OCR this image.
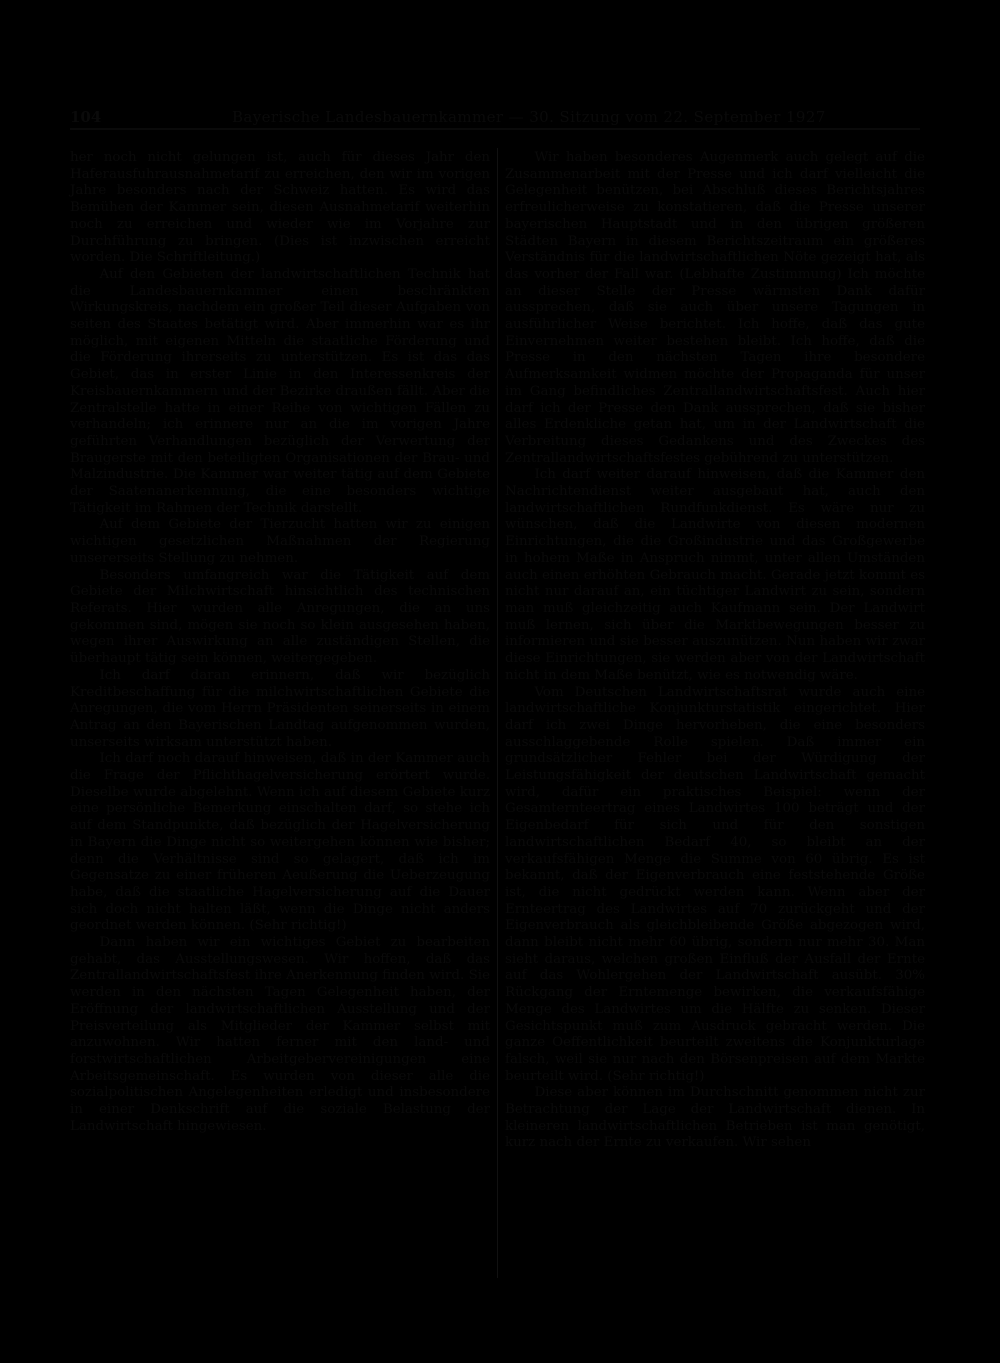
104	Bayerische Landesbauernkammer — 30. Sitzung vom 22. September 1927

her noch nicht gelungen ist, auch für dieses Jahr den Haferausfuhrausnahmetarif zu erreichen, den wir im vorigen Jahre besonders nach der Schweiz hatten. Es wird das Bemühen der Kammer sein, diesen Ausnahmetarif weiterhin noch zu erreichen und wieder wie im Vorjahre zur Durchführung zu bringen. (Dies ist inzwischen erreicht worden. Die Schriftleitung.)

Auf den Gebieten der landwirtschaftlichen Technik hat die Landesbauernkammer einen beschränkten Wirkungskreis, nachdem ein großer Teil dieser Aufgaben von seiten des Staates betätigt wird. Aber immerhin war es ihr möglich, mit eigenen Mitteln die staatliche Förderung und die Förderung ihrerseits zu unterstützen. Es ist das das Gebiet, das in erster Linie in den Interessenkreis der Kreisbauernkammern und der Bezirke draußen fällt. Aber die Zentralstelle hatte in einer Reihe von wichtigen Fällen zu verhandeln; ich erinnere nur an die im vorigen Jahre geführten Verhandlungen bezüglich der Verwertung der Braugerste mit den beteiligten Organisationen der Brau- und Malzindustrie. Die Kammer war weiter tätig auf dem Gebiete der Saatenanerkennung, die eine besonders wichtige Tätigkeit im Rahmen der Technik darstellt.

Auf dem Gebiete der Tierzucht hatten wir zu einigen wichtigen gesetzlichen Maßnahmen der Regierung unsererseits Stellung zu nehmen.

Besonders umfangreich war die Tätigkeit auf dem Gebiete der Milchwirtschaft hinsichtlich des technischen Referats. Hier wurden alle Anregungen, die an uns gekommen sind, mögen sie noch so klein ausgesehen haben, wegen ihrer Auswirkung an alle zuständigen Stellen, die überhaupt tätig sein können, weitergegeben.

Ich darf daran erinnern, daß wir bezüglich Kreditbeschaffung für die milchwirtschaftlichen Gebiete die Anregungen, die vom Herrn Präsidenten seinerseits in einem Antrag an den Bayerischen Landtag aufgenommen wurden, unserseits wirksam unterstützt haben.

Ich darf noch darauf hinweisen, daß in der Kammer auch die Frage der Pflichthagelversicherung erörtert wurde. Dieselbe wurde abgelehnt. Wenn ich auf diesem Gebiete kurz eine persönliche Bemerkung einschalten darf, so stehe ich auf dem Standpunkte, daß bezüglich der Hagelversicherung in Bayern die Dinge nicht so weitergehen können wie bisher; denn die Verhältnisse sind so gelagert, daß ich im Gegensatze zu einer früheren Aeußerung die Ueberzeugung habe, daß die staatliche Hagelversicherung auf die Dauer sich doch nicht halten läßt, wenn die Dinge nicht anders geordnet werden können. (Sehr richtig!)

Dann haben wir ein wichtiges Gebiet zu bearbeiten gehabt, das Ausstellungswesen. Wir hoffen, daß das Zentrallandwirtschaftsfest ihre Anerkennung finden wird. Sie werden in den nächsten Tagen Gelegenheit haben, der Eröffnung der landwirtschaftlichen Ausstellung und der Preisverteilung als Mitglieder der Kammer selbst mit anzuwohnen. Wir hatten ferner mit den land- und forstwirtschaftlichen Arbeitgebervereinigungen eine Arbeitsgemeinschaft. Es wurden von dieser alle die sozialpolitischen Angelegenheiten erledigt und insbesondere in einer Denkschrift auf die soziale Belastung der Landwirtschaft hingewiesen.

Wir haben besonderes Augenmerk auch gelegt auf die Zusammenarbeit mit der Presse und ich darf vielleicht die Gelegenheit benützen, bei Abschluß dieses Berichtsjahres erfreulicherweise zu konstatieren, daß die Presse unserer bayerischen Hauptstadt und in den übrigen größeren Städten Bayern in diesem Berichtszeitraum ein größeres Verständnis für die landwirtschaftlichen Nöte gezeigt hat, als das vorher der Fall war. (Lebhafte Zustimmung) Ich möchte an dieser Stelle der Presse wärmsten Dank dafür aussprechen, daß sie auch über unsere Tagungen in ausführlicher Weise berichtet. Ich hoffe, daß das gute Einvernehmen weiter bestehen bleibt. Ich hoffe, daß die Presse in den nächsten Tagen ihre besondere Aufmerksamkeit widmen möchte der Propaganda für unser im Gang befindliches Zentrallandwirtschaftsfest. Auch hier darf ich der Presse den Dank aussprechen, daß sie bisher alles Erdenkliche getan hat, um in der Landwirtschaft die Verbreitung dieses Gedankens und des Zweckes des Zentrallandwirtschaftsfestes gebührend zu unterstützen.

Ich darf weiter darauf hinweisen, daß die Kammer den Nachrichtendienst weiter ausgebaut hat, auch den landwirtschaftlichen Rundfunkdienst. Es wäre nur zu wünschen, daß die Landwirte von diesen modernen Einrichtungen, die die Großindustrie und das Großgewerbe in hohem Maße in Anspruch nimmt, unter allen Umständen auch einen erhöhten Gebrauch macht. Gerade jetzt kommt es nicht nur darauf an, ein tüchtiger Landwirt zu sein, sondern man muß gleichzeitig auch Kaufmann sein. Der Landwirt muß lernen, sich über die Marktbewegungen besser zu informieren und sie besser auszunützen. Nun haben wir zwar diese Einrichtungen, sie werden aber von der Landwirtschaft nicht in dem Maße benützt, wie es notwendig wäre.

Vom Deutschen Landwirtschaftsrat wurde auch eine landwirtschaftliche Konjunkturstatistik eingerichtet. Hier darf ich zwei Dinge hervorheben, die eine besonders ausschlaggebende Rolle spielen. Daß immer ein grundsätzlicher Fehler bei der Würdigung der Leistungsfähigkeit der deutschen Landwirtschaft gemacht wird, dafür ein praktisches Beispiel: wenn der Gesamterntеertrag eines Landwirtes 100 beträgt und der Eigenbedarf für sich und für den sonstigen landwirtschaftlichen Bedarf 40, so bleibt an der verkaufsfähigen Menge die Summe von 60 übrig. Es ist bekannt, daß der Eigenverbrauch eine feststehende Größe ist, die nicht gedrückt werden kann. Wenn aber der Ernteertrag des Landwirtes auf 70 zurückgeht und der Eigenverbrauch als gleichbleibende Größe abgezogen wird, dann bleibt nicht mehr 60 übrig, sondern nur mehr 30. Man sieht daraus, welchen großen Einfluß der Ausfall der Ernte auf das Wohlergehen der Landwirtschaft ausübt. 30% Rückgang der Erntemenge bewirken, die verkaufsfähige Menge des Landwirtes um die Hälfte zu senken. Dieser Gesichtspunkt muß zum Ausdruck gebracht werden. Die ganze Oeffentlichkeit beurteilt zweitens die Konjunkturlage falsch, weil sie nur nach den Börsenpreisen auf dem Markte beurteilt wird. (Sehr richtig!)

Diese aber können im Durchschnitt genommen nicht zur Betrachtung der Lage der Landwirtschaft dienen. In kleineren landwirtschaftlichen Betrieben ist man genötigt, kurz nach der Ernte zu verkaufen. Wir sehen
